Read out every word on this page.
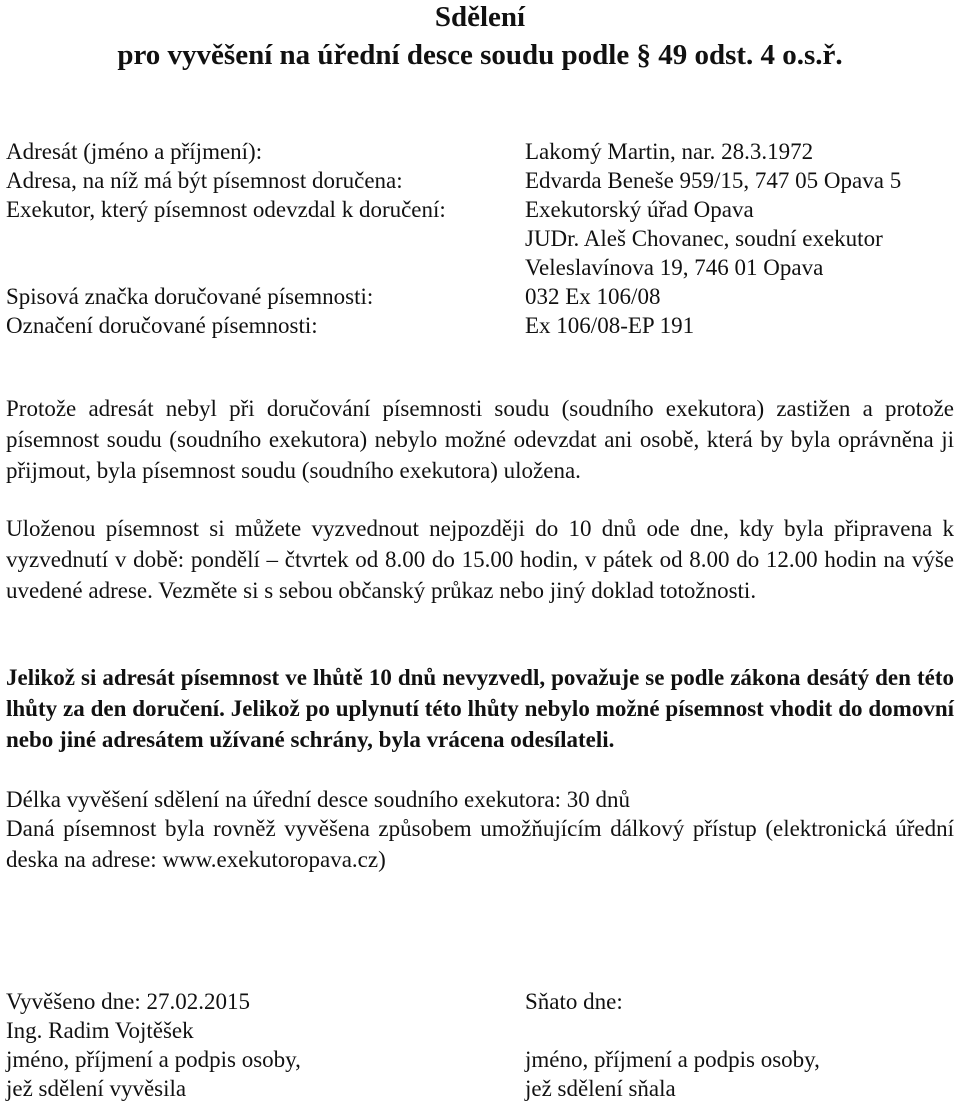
Sdělení
pro vyvěšení na úřední desce soudu podle § 49 odst. 4 o.s.ř.
Adresát (jméno a příjmení):	Lakomý Martin, nar. 28.3.1972
Adresa, na níž má být písemnost doručena:	Edvarda Beneše 959/15, 747 05 Opava 5
Exekutor, který písemnost odevzdal k doručení:	Exekutorský úřad Opava
JUDr. Aleš Chovanec, soudní exekutor
Veleslavínova 19, 746 01 Opava
Spisová značka doručované písemnosti:	032 Ex 106/08
Označení doručované písemnosti:	Ex 106/08-EP 191
Protože adresát nebyl při doručování písemnosti soudu (soudního exekutora) zastižen a protože písemnost soudu (soudního exekutora) nebylo možné odevzdat ani osobě, která by byla oprávněna ji přijmout, byla písemnost soudu (soudního exekutora) uložena.
Uloženou písemnost si můžete vyzvednout nejpozději do 10 dnů ode dne, kdy byla připravena k vyzvednutí v době: pondělí – čtvrtek od 8.00 do 15.00 hodin, v pátek od 8.00 do 12.00 hodin na výše uvedené adrese. Vezměte si s sebou občanský průkaz nebo jiný doklad totožnosti.
Jelikož si adresát písemnost ve lhůtě 10 dnů nevyzvedl, považuje se podle zákona desátý den této lhůty za den doručení. Jelikož po uplynutí této lhůty nebylo možné písemnost vhodit do domovní nebo jiné adresátem užívané schrány, byla vrácena odesílateli.
Délka vyvěšení sdělení na úřední desce soudního exekutora: 30 dnů
Daná písemnost byla rovněž vyvěšena způsobem umožňujícím dálkový přístup (elektronická úřední deska na adrese: www.exekutoropava.cz)
Vyvěšeno dne: 27.02.2015
Ing. Radim Vojtěšek
jméno, příjmení a podpis osoby,
jež sdělení vyvěsila
Sňato dne:
jméno, příjmení a podpis osoby,
jež sdělení sňala
